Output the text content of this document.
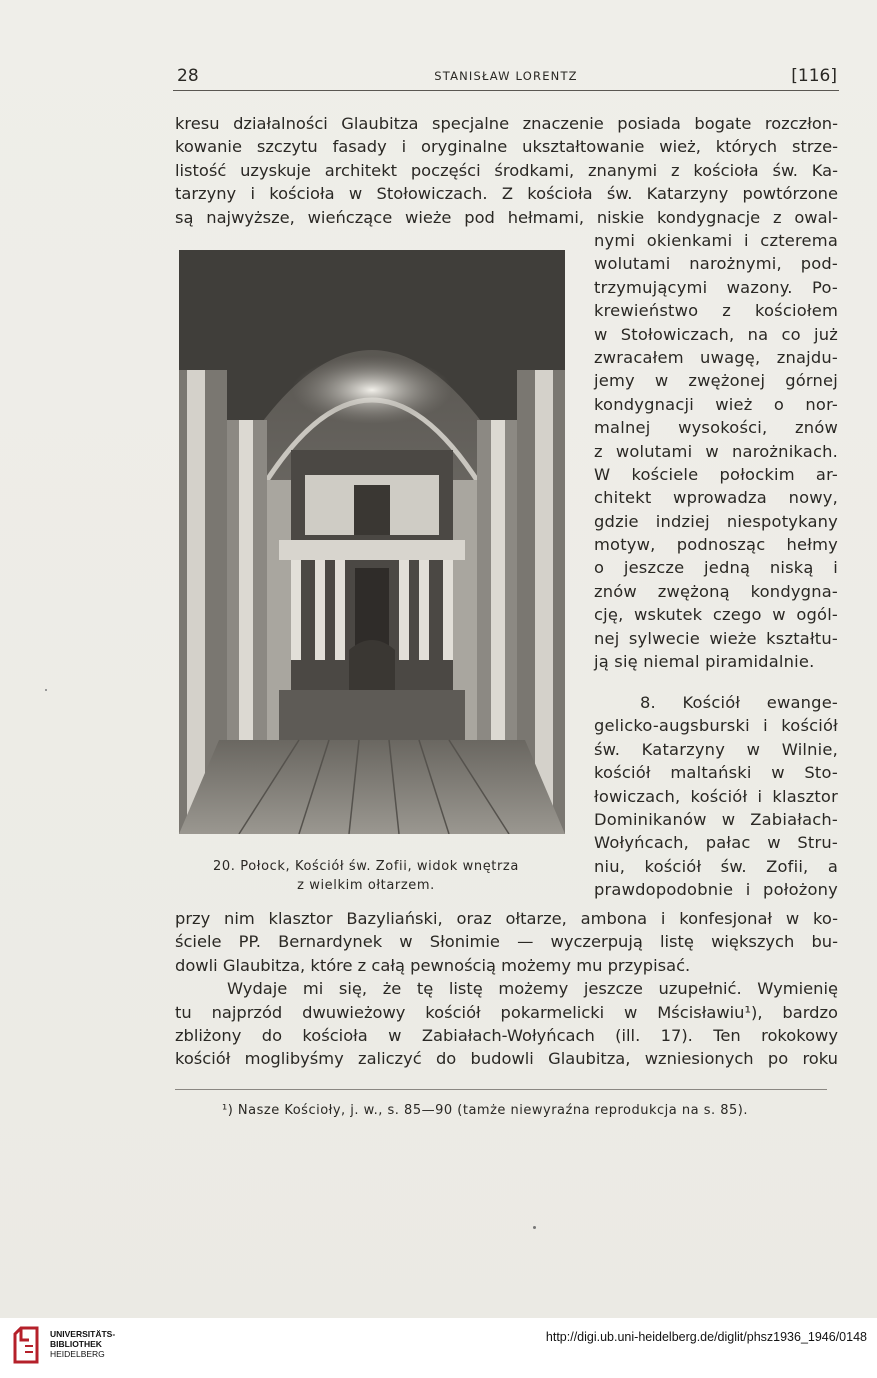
28	STANISŁAW LORENTZ	[116]
kresu działalności Glaubitza specjalne znaczenie posiada bogate rozczłon-
kowanie szczytu fasady i oryginalne ukształtowanie wież, których strze-
listość uzyskuje architekt poczęści środkami, znanymi z kościoła św. Ka-
tarzyny i kościoła w Stołowiczach. Z kościoła św. Katarzyny powtórzone
są najwyższe, wieńczące wieże pod hełmami, niskie kondygnacje z owal-
nymi okienkami i czterema
wolutami narożnymi, pod-
trzymującymi wazony. Po-
krewieństwo z kościołem
w Stołowiczach, na co już
zwracałem uwagę, znajdu-
jemy w zwężonej górnej
kondygnacji wież o nor-
malnej wysokości, znów
z wolutami w narożnikach.
W kościele połockim ar-
chitekt wprowadza nowy,
gdzie indziej niespotykany
motyw, podnosząc hełmy
o jeszcze jedną niską i
znów zwężoną kondygna-
cję, wskutek czego w ogól-
nej sylwecie wieże kształtu-
ją się niemal piramidalnie.
8. Kościół ewange-
gelicko-augsburski i kościół
św. Katarzyny w Wilnie,
kościół maltański w Sto-
łowiczach, kościół i klasztor
Dominikanów w Zabiałach-
Wołyńcach, pałac w Stru-
niu, kościół św. Zofii, a
prawdopodobnie i położony
20. Połock, Kościół św. Zofii, widok wnętrza
z wielkim ołtarzem.
przy nim klasztor Bazyliański, oraz ołtarze, ambona i konfesjonał w ko-
ściele PP. Bernardynek w Słonimie — wyczerpują listę większych bu-
dowli Glaubitza, które z całą pewnością możemy mu przypisać.
Wydaje mi się, że tę listę możemy jeszcze uzupełnić. Wymienię
tu najprzód dwuwieżowy kościół pokarmelicki w Mścisławiu¹), bardzo
zbliżony do kościoła w Zabiałach-Wołyńcach (ill. 17). Ten rokokowy
kościół moglibyśmy zaliczyć do budowli Glaubitza, wzniesionych po roku
¹) Nasze Kościoły, j. w., s. 85—90 (tamże niewyraźna reprodukcja na s. 85).
UNIVERSITÄTS-
BIBLIOTHEK
HEIDELBERG
http://digi.ub.uni-heidelberg.de/diglit/phsz1936_1946/0148
